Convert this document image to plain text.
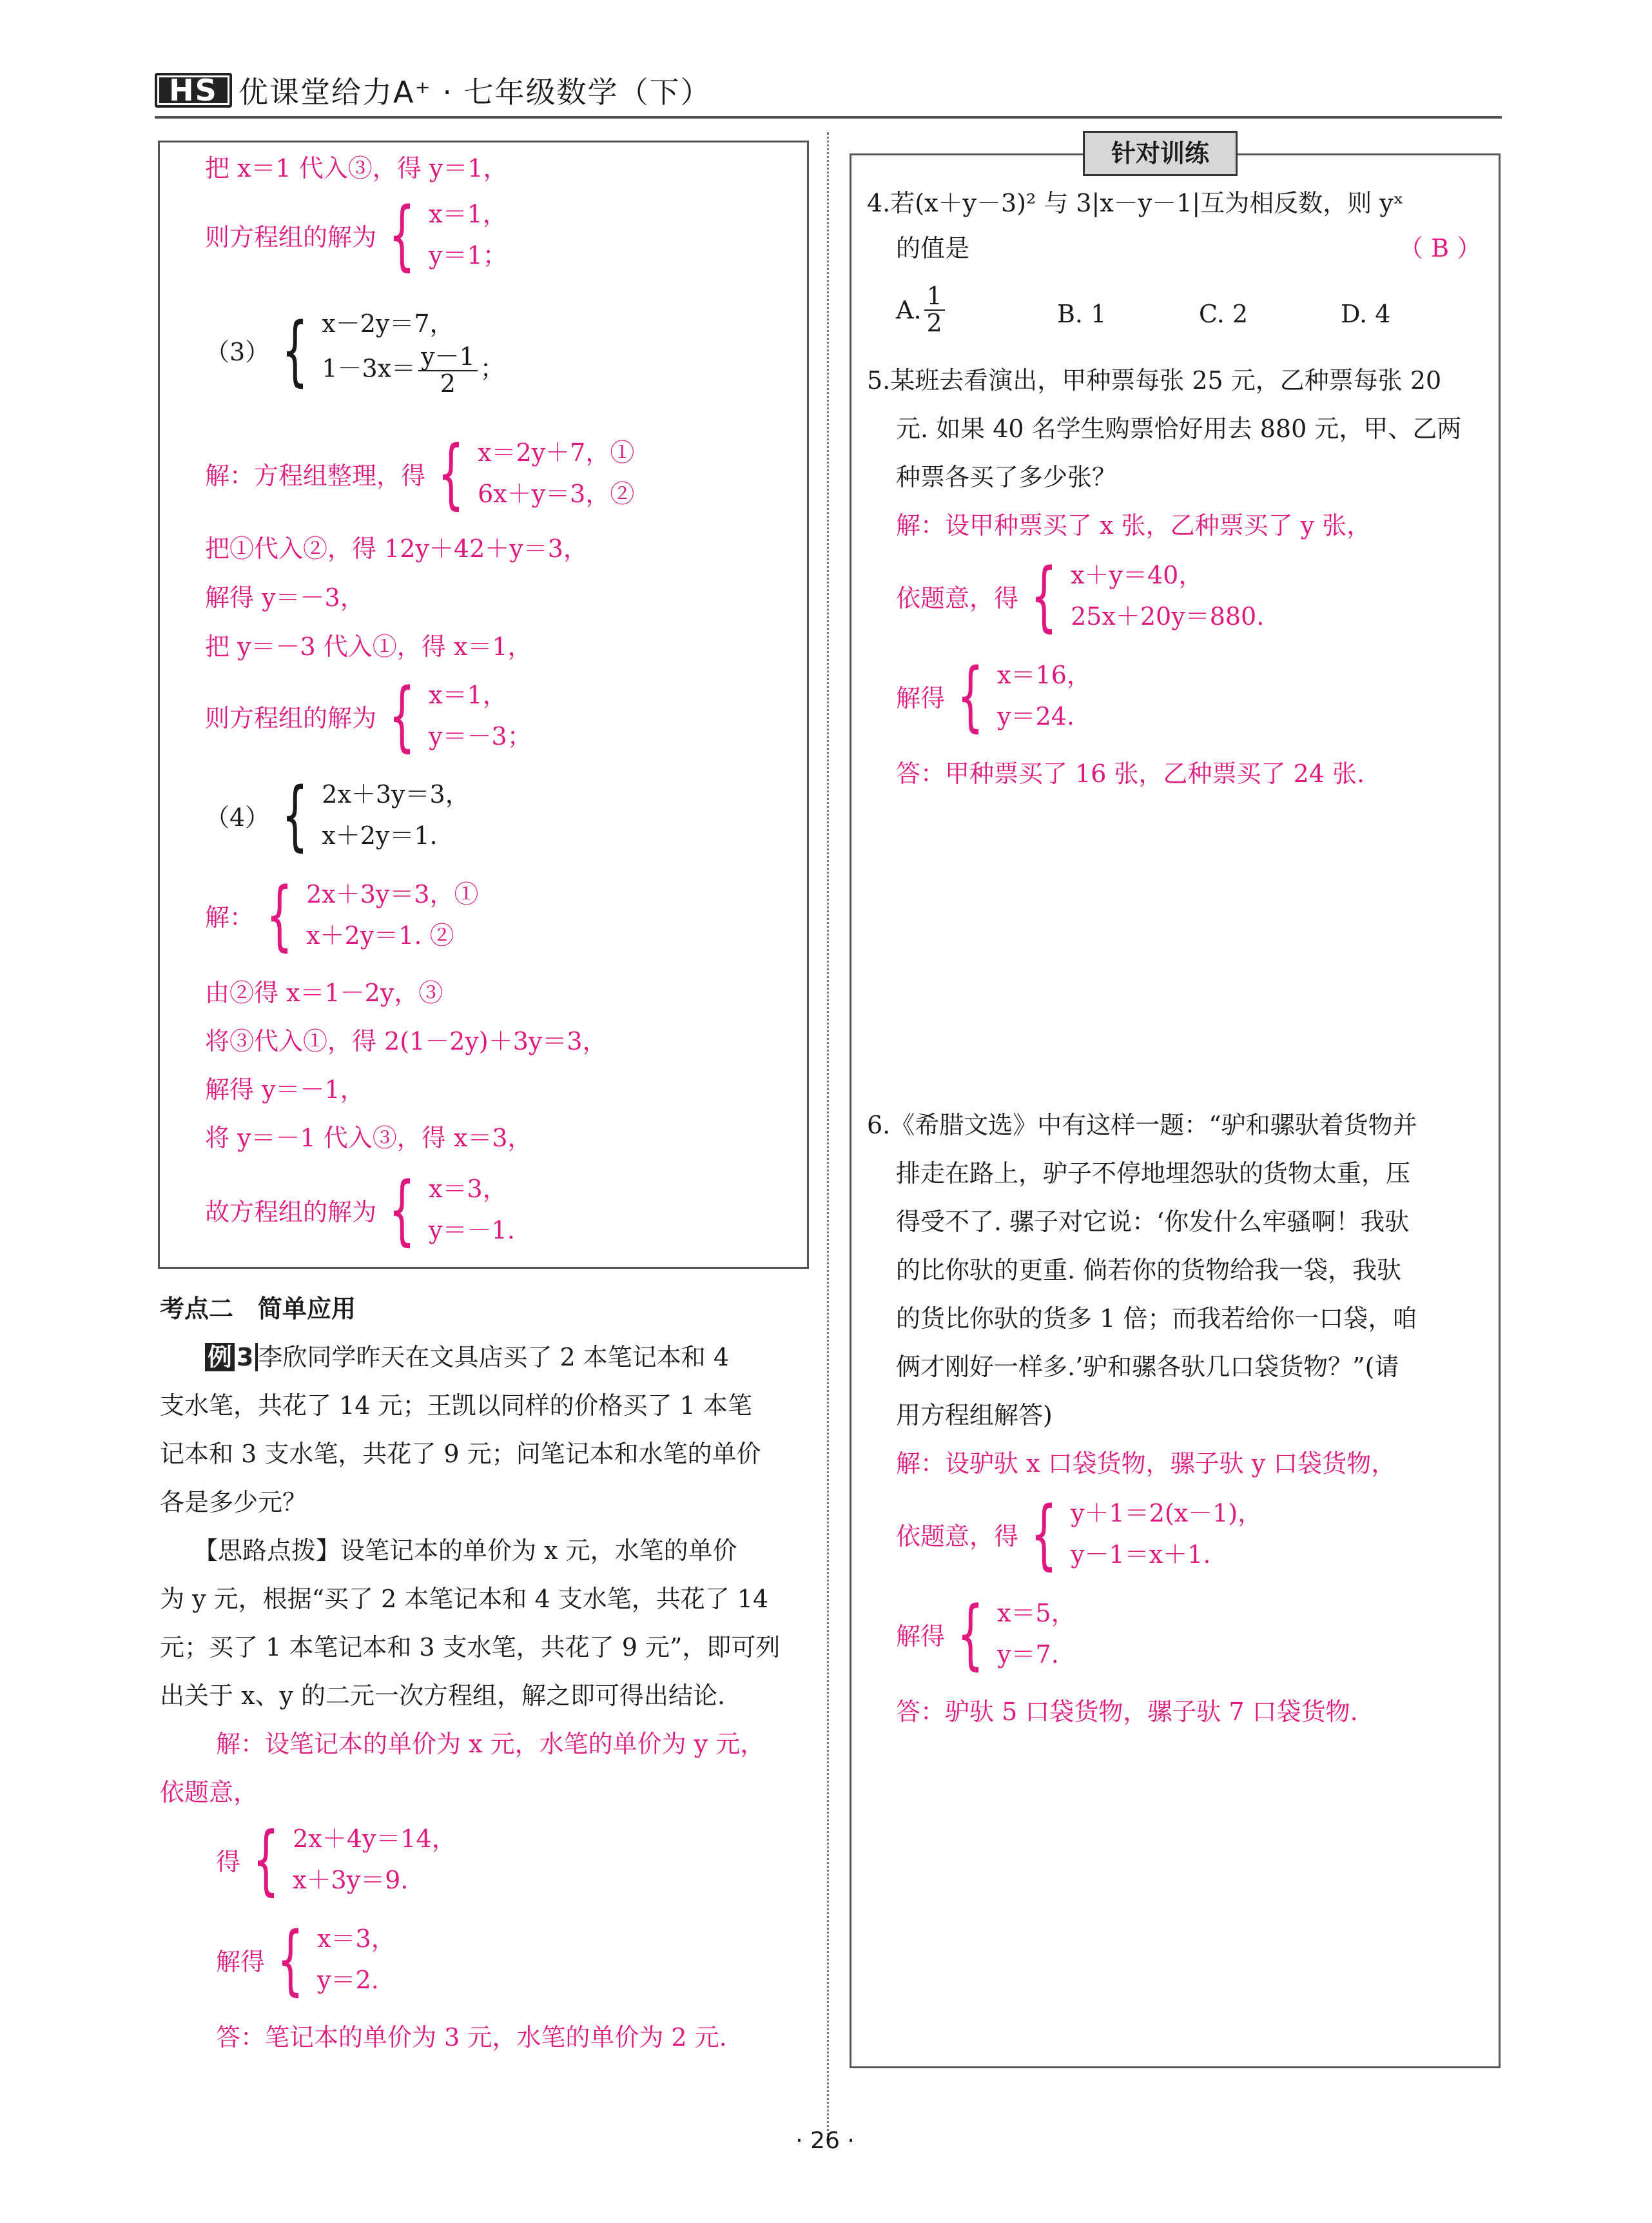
HS 优课堂给力A⁺ · 七年级数学（下）
把 x＝1 代入③，得 y＝1，
则方程组的解为 { x＝1，
y＝1；
（3） { x－2y＝7，
$1-3x= \frac{y-1}{2}$ ；
解：方程组整理，得 { x＝2y＋7，①
6x＋y＝3，②
把①代入②，得 12y＋42＋y＝3，
解得 y＝－3，
把 y＝－3 代入①，得 x＝1，
则方程组的解为 { x＝1，
y＝－3；
（4） { 2x＋3y＝3，
x＋2y＝1.
解： { 2x＋3y＝3，①
x＋2y＝1. ②
由②得 x＝1－2y，③
将③代入①，得 2(1－2y)＋3y＝3，
解得 y＝－1，
将 y＝－1 代入③，得 x＝3，
故方程组的解为 { x＝3，
y＝－1.
考点二　简单应用
例 3 李欣同学昨天在文具店买了 2 本笔记本和 4
支水笔，共花了 14 元；王凯以同样的价格买了 1 本笔
记本和 3 支水笔，共花了 9 元；问笔记本和水笔的单价
各是多少元？
【思路点拨】设笔记本的单价为 x 元，水笔的单价
为 y 元，根据“买了 2 本笔记本和 4 支水笔，共花了 14
元；买了 1 本笔记本和 3 支水笔，共花了 9 元”，即可列
出关于 x、y 的二元一次方程组，解之即可得出结论.
解：设笔记本的单价为 x 元，水笔的单价为 y 元，
依题意，
得 { 2x＋4y＝14，
x＋3y＝9.
解得 { x＝3，
y＝2.
答：笔记本的单价为 3 元，水笔的单价为 2 元.
针对训练
4.若(x＋y－3)² 与 3|x－y－1|互为相反数，则 yˣ
的值是	（ B ）
A. $\frac{1}{2}$	B. 1	C. 2	D. 4
5.某班去看演出，甲种票每张 25 元，乙种票每张 20
元. 如果 40 名学生购票恰好用去 880 元，甲、乙两
种票各买了多少张？
解：设甲种票买了 x 张，乙种票买了 y 张，
依题意，得 { x＋y＝40，
25x＋20y＝880.
解得 { x＝16，
y＝24.
答：甲种票买了 16 张，乙种票买了 24 张.
6.《希腊文选》中有这样一题：“驴和骡驮着货物并
排走在路上，驴子不停地埋怨驮的货物太重，压
得受不了. 骡子对它说：‘你发什么牢骚啊！我驮
的比你驮的更重. 倘若你的货物给我一袋，我驮
的货比你驮的货多 1 倍；而我若给你一口袋，咱
俩才刚好一样多.’驴和骡各驮几口袋货物？”(请
用方程组解答)
解：设驴驮 x 口袋货物，骡子驮 y 口袋货物，
依题意，得 { y＋1＝2(x－1)，
y－1＝x＋1.
解得 { x＝5，
y＝7.
答：驴驮 5 口袋货物，骡子驮 7 口袋货物.
· 26 ·
